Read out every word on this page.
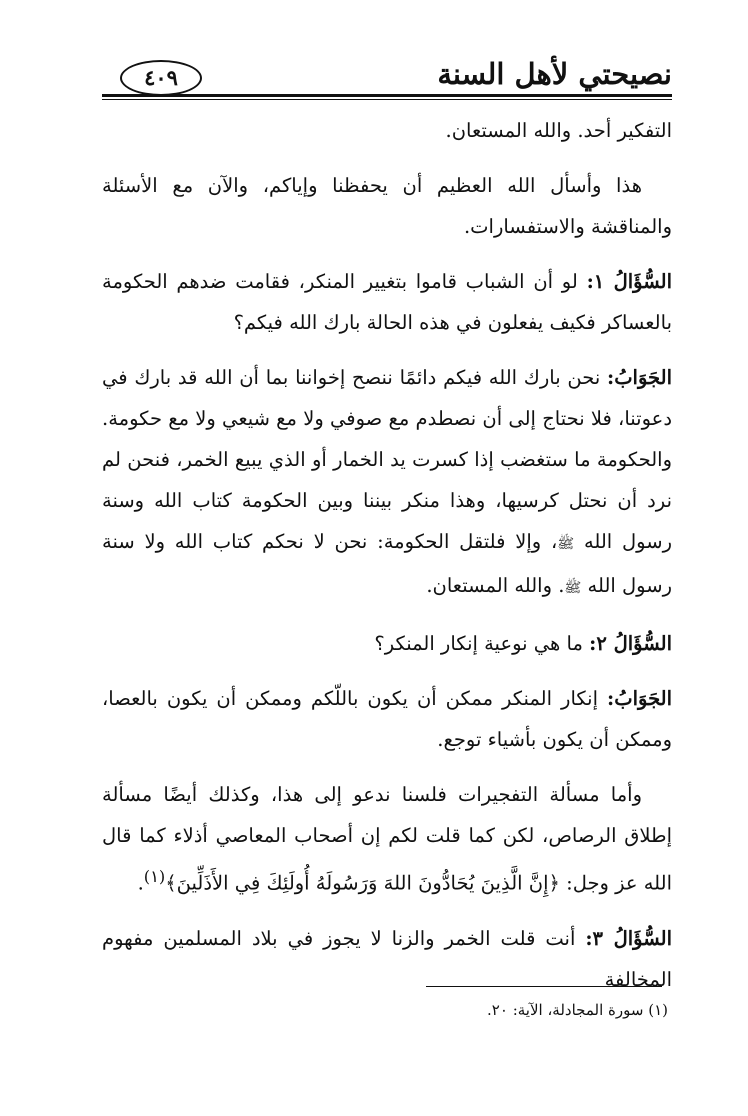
نصيحتي لأهل السنة
٤٠٩

التفكير أحد. والله المستعان.

هذا وأسأل الله العظيم أن يحفظنا وإياكم، والآن مع الأسئلة والمناقشة والاستفسارات.

السُّؤَالُ ١: لو أن الشباب قاموا بتغيير المنكر، فقامت ضدهم الحكومة بالعساكر فكيف يفعلون في هذه الحالة بارك الله فيكم؟

الجَوَابُ: نحن بارك الله فيكم دائمًا ننصح إخواننا بما أن الله قد بارك في دعوتنا، فلا نحتاج إلى أن نصطدم مع صوفي ولا مع شيعي ولا مع حكومة. والحكومة ما ستغضب إذا كسرت يد الخمار أو الذي يبيع الخمر، فنحن لم نرد أن نحتل كرسيها، وهذا منكر بيننا وبين الحكومة كتاب الله وسنة رسول الله ﷺ، وإلا فلتقل الحكومة: نحن لا نحكم كتاب الله ولا سنة رسول الله ﷺ. والله المستعان.

السُّؤَالُ ٢: ما هي نوعية إنكار المنكر؟

الجَوَابُ: إنكار المنكر ممكن أن يكون باللّكم وممكن أن يكون بالعصا، وممكن أن يكون بأشياء توجع.

وأما مسألة التفجيرات فلسنا ندعو إلى هذا، وكذلك أيضًا مسألة إطلاق الرصاص، لكن كما قلت لكم إن أصحاب المعاصي أذلاء كما قال الله عز وجل: ﴿إِنَّ الَّذِينَ يُحَادُّونَ اللهَ وَرَسُولَهُ أُولَئِكَ فِي الأَذَلِّينَ﴾$^{(١)}$.

السُّؤَالُ ٣: أنت قلت الخمر والزنا لا يجوز في بلاد المسلمين مفهوم المخالفة

(١) سورة المجادلة، الآية: ٢٠.
